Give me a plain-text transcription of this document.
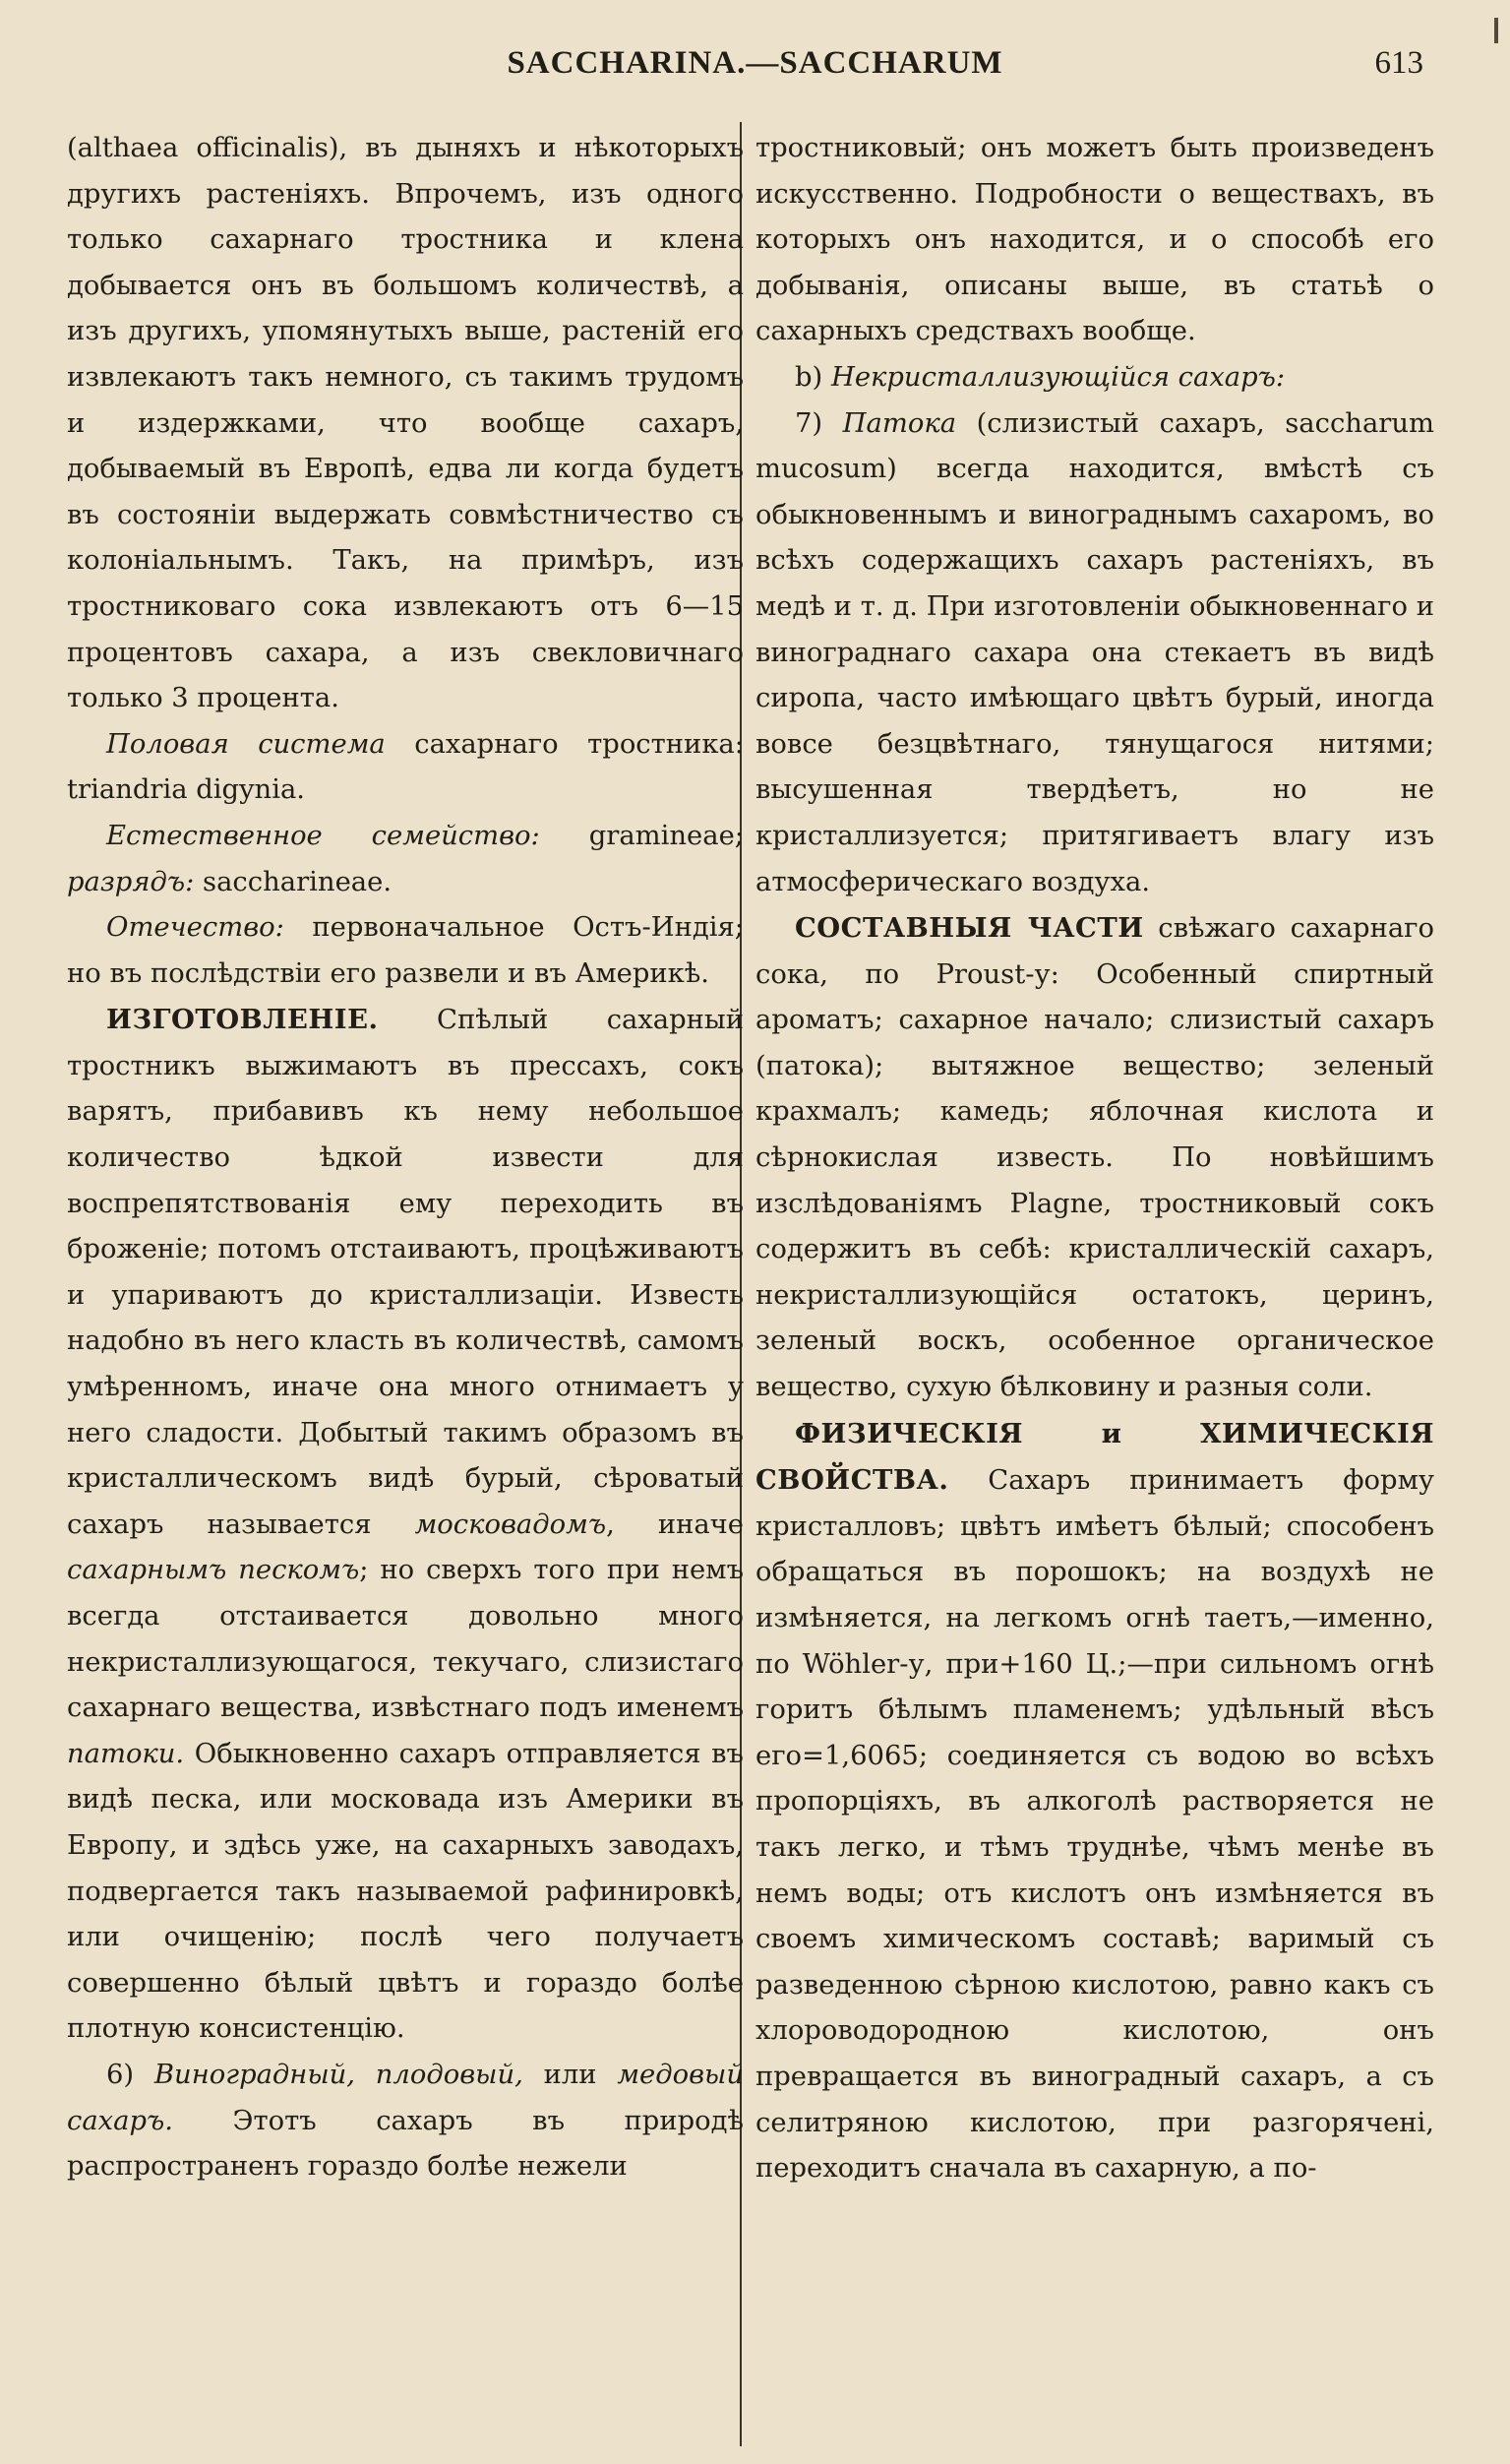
SACCHARINA.—SACCHARUM	613

(althaea officinalis), въ дыняхъ и нѣкоторыхъ другихъ растеніяхъ. Впрочемъ, изъ одного только сахарнаго тростника и клена добывается онъ въ большомъ количествѣ, а изъ другихъ, упомянутыхъ выше, растеній его извлекаютъ такъ немного, съ такимъ трудомъ и издержками, что вообще сахаръ, добываемый въ Европѣ, едва ли когда будетъ въ состояніи выдержать совмѣстничество съ колоніальнымъ. Такъ, на примѣръ, изъ тростниковаго сока извлекаютъ отъ 6—15 процентовъ сахара, а изъ свекловичнаго только 3 процента.

Половая система сахарнаго тростника: triandria digynia.

Естественное семейство: gramineae; разрядъ: saccharineae.

Отечество: первоначальное Остъ-Индія; но въ послѣдствіи его развели и въ Америкѣ.

ИЗГОТОВЛЕНІЕ. Спѣлый сахарный тростникъ выжимаютъ въ прессахъ, сокъ варятъ, прибавивъ къ нему небольшое количество ѣдкой извести для воспрепятствованія ему переходить въ броженіе; потомъ отстаиваютъ, процѣживаютъ и упариваютъ до кристаллизаціи. Известь надобно въ него класть въ количествѣ, самомъ умѣренномъ, иначе она много отнимаетъ у него сладости. Добытый такимъ образомъ въ кристаллическомъ видѣ бурый, сѣроватый сахаръ называется московадомъ, иначе сахарнымъ пескомъ; но сверхъ того при немъ всегда отстаивается довольно много некристаллизующагося, текучаго, слизистаго сахарнаго вещества, извѣстнаго подъ именемъ патоки. Обыкновенно сахаръ отправляется въ видѣ песка, или московада изъ Америки въ Европу, и здѣсь уже, на сахарныхъ заводахъ, подвергается такъ называемой рафинировкѣ, или очищенію; послѣ чего получаетъ совершенно бѣлый цвѣтъ и гораздо болѣе плотную консистенцію.

6) Виноградный, плодовый, или медовый сахаръ. Этотъ сахаръ въ природѣ распространенъ гораздо болѣе нежели

тростниковый; онъ можетъ быть произведенъ искусственно. Подробности о веществахъ, въ которыхъ онъ находится, и о способѣ его добыванія, описаны выше, въ статьѣ о сахарныхъ средствахъ вообще.

b) Некристаллизующійся сахаръ:

7) Патока (слизистый сахаръ, saccharum mucosum) всегда находится, вмѣстѣ съ обыкновеннымъ и винограднымъ сахаромъ, во всѣхъ содержащихъ сахаръ растеніяхъ, въ медѣ и т. д. При изготовленіи обыкновеннаго и винограднаго сахара она стекаетъ въ видѣ сиропа, часто имѣющаго цвѣтъ бурый, иногда вовсе безцвѣтнаго, тянущагося нитями; высушенная твердѣетъ, но не кристаллизуется; притягиваетъ влагу изъ атмосферическаго воздуха.

СОСТАВНЫЯ ЧАСТИ свѣжаго сахарнаго сока, по Proust-у: Особенный спиртный ароматъ; сахарное начало; слизистый сахаръ (патока); вытяжное вещество; зеленый крахмалъ; камедь; яблочная кислота и сѣрнокислая известь. По новѣйшимъ изслѣдованіямъ Plagne, тростниковый сокъ содержитъ въ себѣ: кристаллическій сахаръ, некристаллизующійся остатокъ, церинъ, зеленый воскъ, особенное органическое вещество, сухую бѣлковину и разныя соли.

ФИЗИЧЕСКІЯ и ХИМИЧЕСКІЯ СВОЙСТВА. Сахаръ принимаетъ форму кристалловъ; цвѣтъ имѣетъ бѣлый; способенъ обращаться въ порошокъ; на воздухѣ не измѣняется, на легкомъ огнѣ таетъ,—именно, по Wöhler-у, при+160 Ц.;—при сильномъ огнѣ горитъ бѣлымъ пламенемъ; удѣльный вѣсъ его=1,6065; соединяется съ водою во всѣхъ пропорціяхъ, въ алкоголѣ растворяется не такъ легко, и тѣмъ труднѣе, чѣмъ менѣе въ немъ воды; отъ кислотъ онъ измѣняется въ своемъ химическомъ составѣ; варимый съ разведенною сѣрною кислотою, равно какъ съ хлороводородною кислотою, онъ превращается въ виноградный сахаръ, а съ селитряною кислотою, при разгорячені, переходитъ сначала въ сахарную, а по-
